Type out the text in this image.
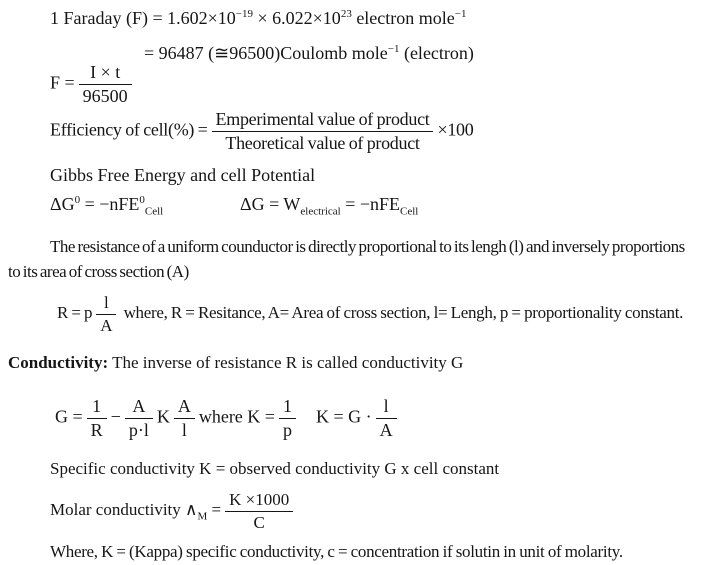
1 Faraday $(F) = 1.602\times 10^{-19} \times 6.022\times 10^{23}$ electron mole$^{-1}$
= 96487 (≅96500)Coulomb mole$^{-1}$ (electron)
$F = \frac{I \times t}{96500}$
Efficiency of cell(%) = $\frac{\text{Emperimental value of product}}{\text{Theoretical value of product}} \times 100$
Gibbs Free Energy and cell Potential
$\Delta G^0 = -nFE^0_{Cell}$	$\Delta G = W_{electrical} = -nFE_{Cell}$
The resistance of a uniform counductor is directly proportional to its lengh (l) and inversely proportions
to its area of cross section (A)
R = p $\frac{l}{A}$ where, R = Resitance, A= Area of cross section, l= Lengh, p = proportionality constant.
Conductivity: The inverse of resistance R is called conductivity G
$G = \frac{1}{R} - \frac{A}{p\cdot l}$ K $\frac{A}{l}$ where $K = \frac{1}{p}$ $K = G \cdot \frac{l}{A}$
Specific conductivity K = observed conductivity G x cell constant
Molar conductivity $\wedge_M = \frac{K \times 1000}{C}$
Where, K = (Kappa) specific conductivity, c = concentration if solutin in unit of molarity.
